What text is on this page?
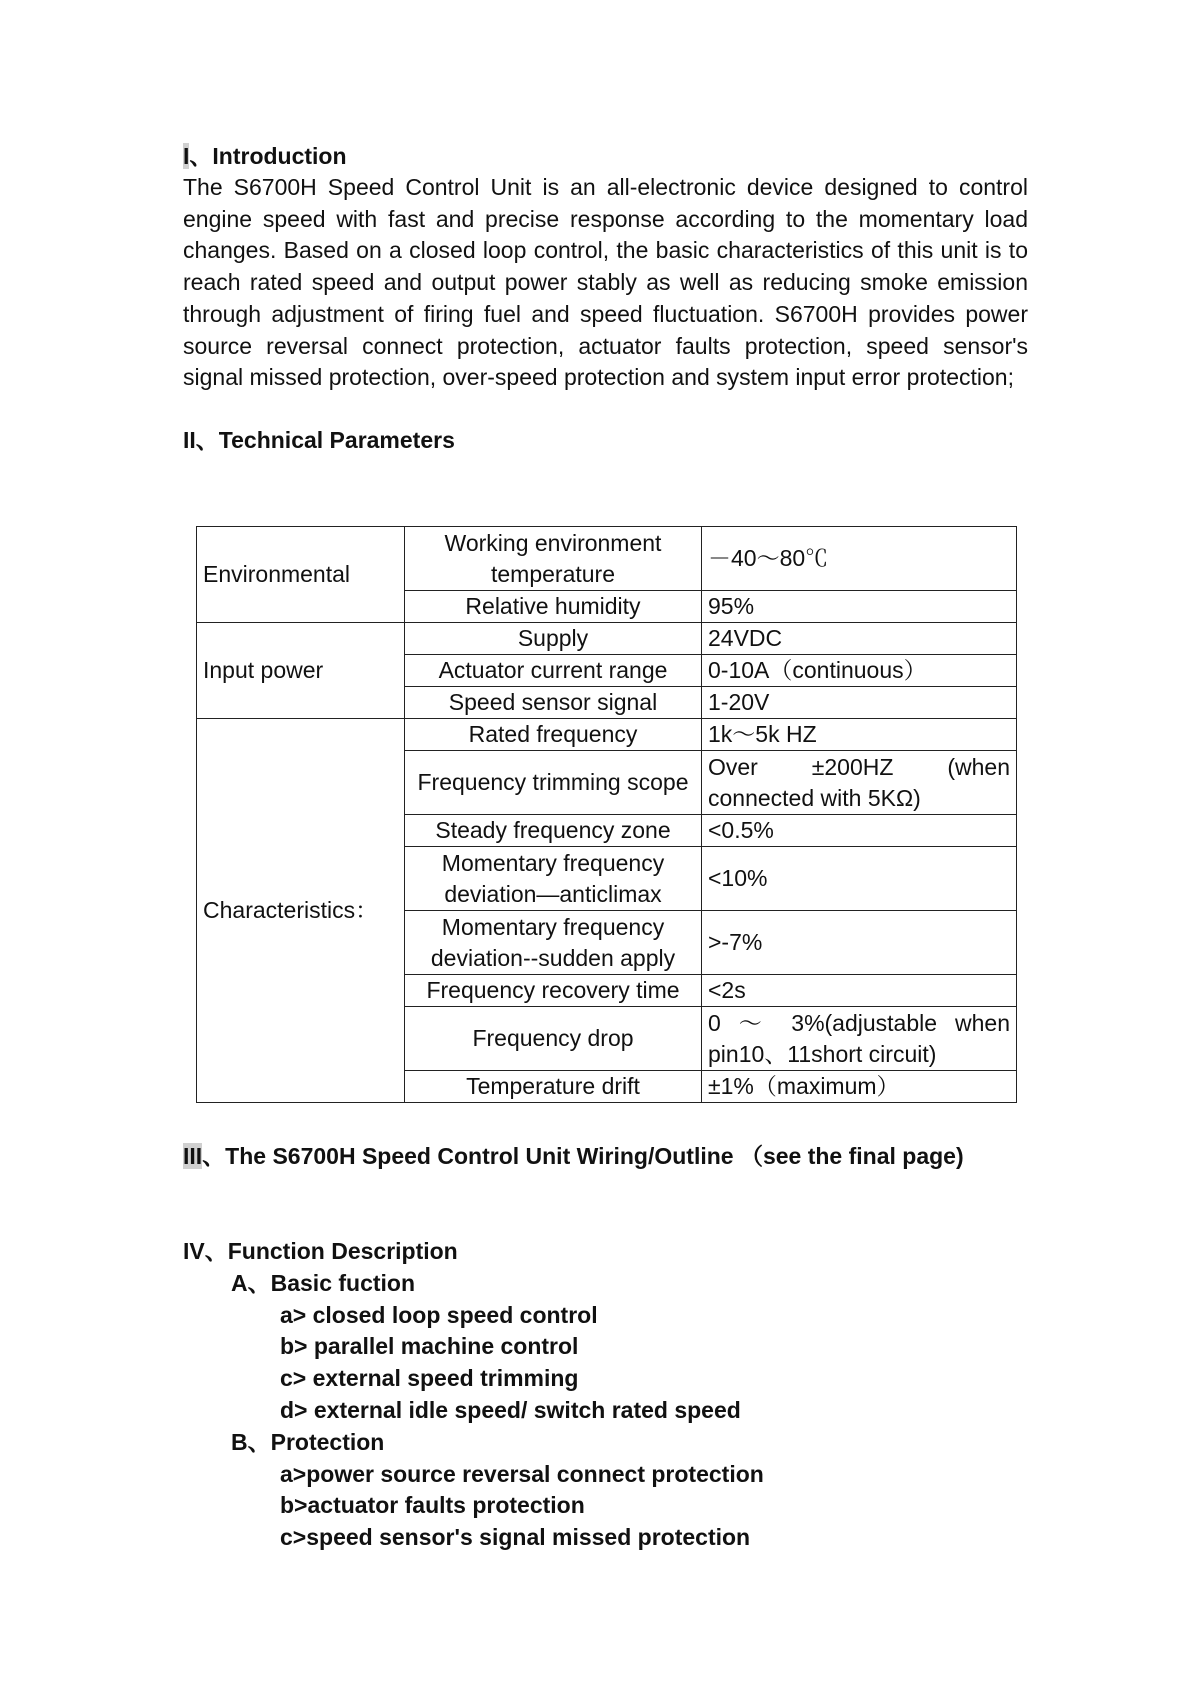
I、Introduction

The S6700H Speed Control Unit is an all-electronic device designed to control engine speed with fast and precise response according to the momentary load changes. Based on a closed loop control, the basic characteristics of this unit is to reach rated speed and output power stably as well as reducing smoke emission through adjustment of firing fuel and speed fluctuation. S6700H provides power source reversal connect protection, actuator faults protection, speed sensor's signal missed protection, over-speed protection and system input error protection;

II、Technical Parameters

Environmental	Working environment temperature	－40～80℃
	Relative humidity	95%
Input power	Supply	24VDC
	Actuator current range	0-10A（continuous）
	Speed sensor signal	1-20V
Characteristics：	Rated frequency	1k～5k HZ
	Frequency trimming scope	Over ±200HZ (when connected with 5KΩ)
	Steady frequency zone	<0.5%
	Momentary frequency deviation—anticlimax	<10%
	Momentary frequency deviation--sudden apply	>-7%
	Frequency recovery time	<2s
	Frequency drop	0 ～ 3%(adjustable when pin10、11short circuit)
	Temperature drift	±1%（maximum）
III、The S6700H Speed Control Unit Wiring/Outline （see the final page)
IV、Function Description
A、Basic fuction
a> closed loop speed control
b> parallel machine control
c> external speed trimming
d> external idle speed/ switch rated speed
B、Protection
a>power source reversal connect protection
b>actuator faults protection
c>speed sensor's signal missed protection
